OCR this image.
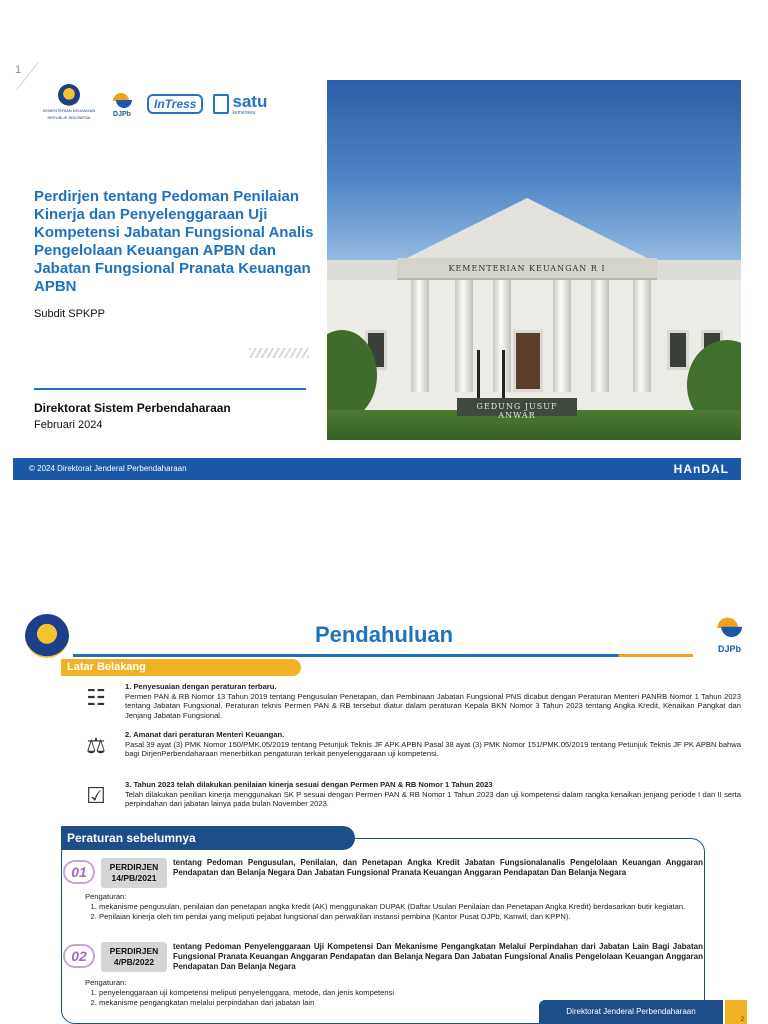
1
KEMENTERIAN KEUANGAN
REPUBLIK INDONESIA	DJPb
InTress	satu
kemenkeu
Perdirjen tentang Pedoman Penilaian Kinerja dan Penyelenggaraan Uji Kompetensi Jabatan Fungsional Analis Pengelolaan Keuangan APBN dan Jabatan Fungsional Pranata Keuangan APBN
Subdit SPKPP
Direktorat Sistem Perbendaharaan
Februari 2024
KEMENTERIAN KEUANGAN R I
GEDUNG JUSUF ANWAR
© 2024 Direktorat Jenderal Perbendaharaan	HAnDAL
Pendahuluan
DJPb
Latar Belakang
☷	1. Penyesuaian dengan peraturan terbaru.
Permen PAN & RB Nomor 13 Tahun 2019 tentang Pengusulan Penetapan, dan Pembinaan Jabatan Fungsional PNS dicabut dengan Peraturan Menteri PANRB Nomor 1 Tahun 2023 tentang Jabatan Fungsional. Peraturan teknis Permen PAN & RB tersebut diatur dalam peraturan Kepala BKN Nomor 3 Tahun 2023 tentang Angka Kredit, Kenaikan Pangkat dan Jenjang Jabatan Fungsional.
⚖	2. Amanat dari peraturan Menteri Keuangan.
Pasal 39 ayat (3) PMK Nomor 150/PMK.05/2019 tentang Petunjuk Teknis JF APK APBN Pasal 38 ayat (3) PMK Nomor 151/PMK.05/2019 tentang Petunjuk Teknis JF PK APBN bahwa bagi DirjenPerbendaharaan menerbitkan pengaturan terkait penyelenggaraan uji kompetensi.
☑	3. Tahun 2023 telah dilakukan penilaian kinerja sesuai dengan Permen PAN & RB Nomor 1 Tahun 2023
Telah dilakukan penilian kinerja menggunakan SK P sesuai dengan Permen PAN & RB Nomor 1 Tahun 2023 dan uji kompetensi dalam rangka kenaikan jenjang periode I dan II serta perpindahan dari jabatan lainya pada bulan November 2023.
Peraturan sebelumnya
01	PERDIRJEN
14/PB/2021
tentang Pedoman Pengusulan, Penilaian, dan Penetapan Angka Kredit Jabatan Fungsionalanalis Pengelolaan Keuangan Anggaran Pendapatan dan Belanja Negara Dan Jabatan Fungsional Pranata Keuangan Anggaran Pendapatan Dan Belanja Negara
Pengaturan:
1. mekanisme pengusulan, penilaian dan penetapan angka kredit (AK) menggunakan DUPAK (Daftar Usulan Penilaian dan Penetapan Angka Kredit) berdasarkan butir kegiatan.
2. Penilaian kinerja oleh tim penilai yang meliputi pejabat fungsional dan perwakilan instansi pembina (Kantor Pusat DJPb, Kanwil, dan KPPN).
02	PERDIRJEN
4/PB/2022
tentang Pedoman Penyelenggaraan Uji Kompetensi Dan Mekanisme Pengangkatan Melalui Perpindahan dari Jabatan Lain Bagi Jabatan Fungsional Pranata Keuangan Anggaran Pendapatan dan Belanja Negara Dan Jabatan Fungsional Analis Pengelolaan Keuangan Anggaran Pendapatan Dan Belanja Negara
Pengaturan:
1. penyelenggaraan uji kompetensi meliputi penyelenggara, metode, dan jenis kompetensi
2. mekanisme pengangkatan melalui perpindahan dari jabatan lain
Direktorat Jenderal Perbendaharaan
2
